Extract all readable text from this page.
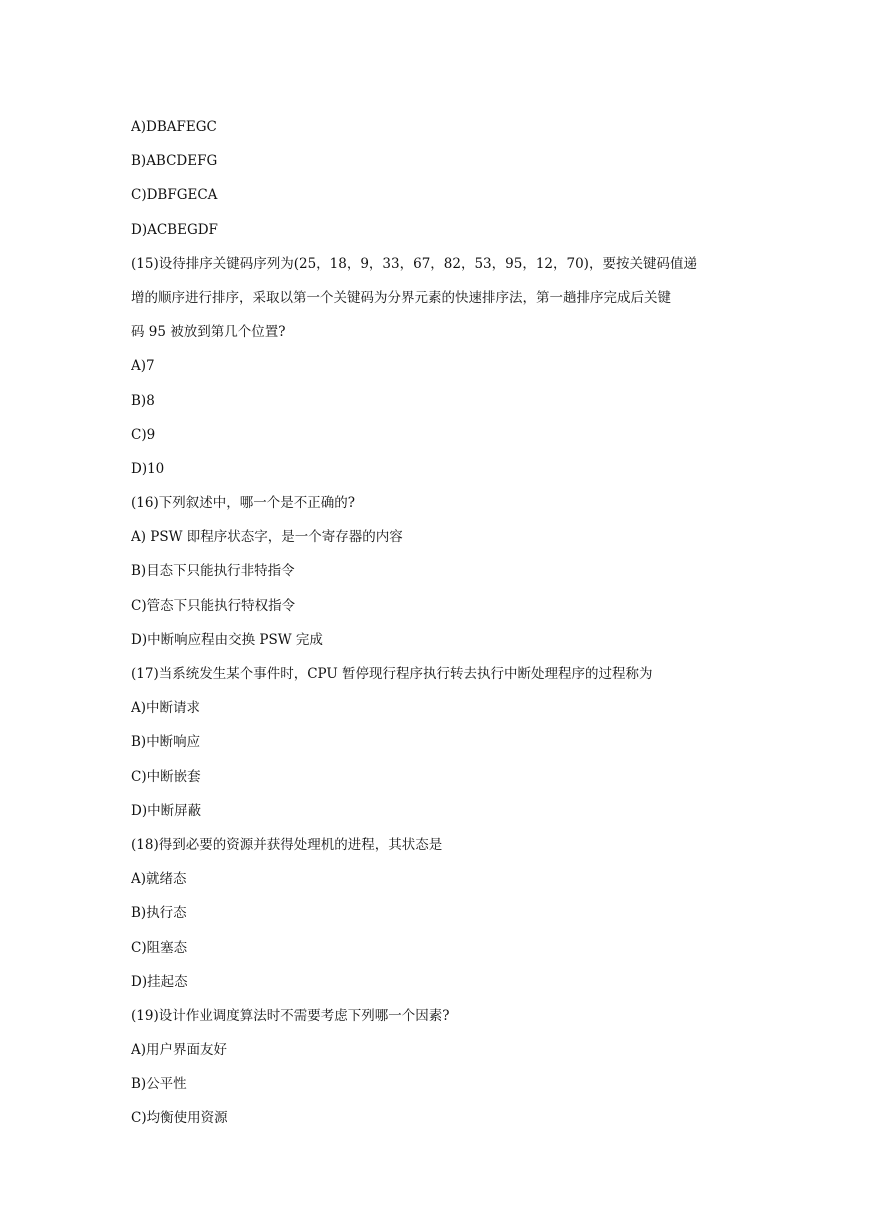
A)DBAFEGC
B)ABCDEFG
C)DBFGECA
D)ACBEGDF
(15)设待排序关键码序列为(25，18，9，33，67，82，53，95，12，70)，要按关键码值递
增的顺序进行排序，采取以第一个关键码为分界元素的快速排序法，第一趟排序完成后关键
码 95 被放到第几个位置?
A)7
B)8
C)9
D)10
(16)下列叙述中，哪一个是不正确的?
A) PSW 即程序状态字，是一个寄存器的内容
B)目态下只能执行非特指令
C)管态下只能执行特权指令
D)中断响应程由交换 PSW 完成
(17)当系统发生某个事件时，CPU 暂停现行程序执行转去执行中断处理程序的过程称为
A)中断请求
B)中断响应
C)中断嵌套
D)中断屏蔽
(18)得到必要的资源并获得处理机的进程，其状态是
A)就绪态
B)执行态
C)阻塞态
D)挂起态
(19)设计作业调度算法时不需要考虑下列哪一个因素?
A)用户界面友好
B)公平性
C)均衡使用资源
